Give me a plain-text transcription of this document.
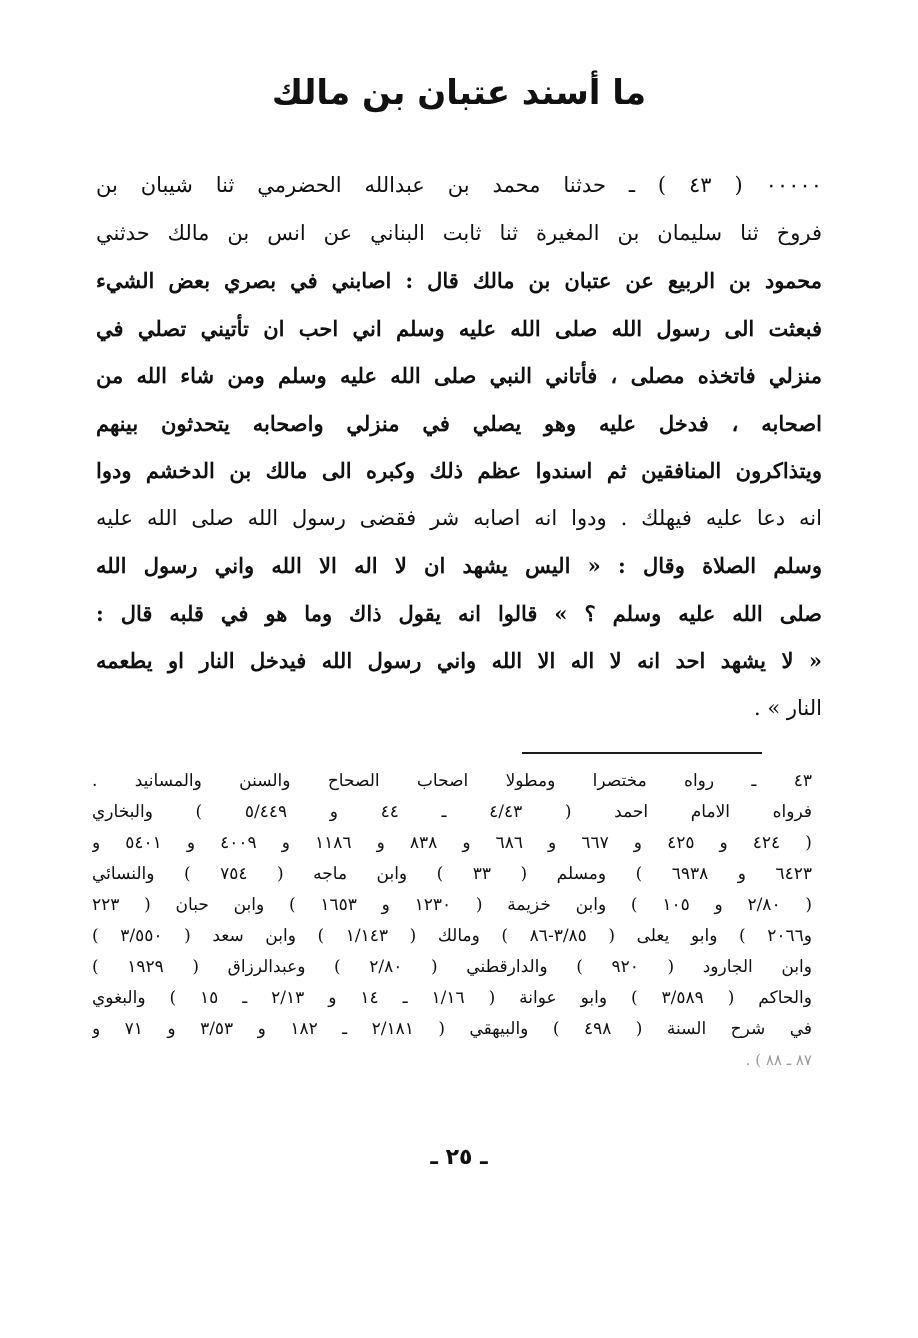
ما أسند عتبان بن مالك
٠٠٠٠٠ ( ٤٣ ) ـ حدثنا محمد بن عبدالله الحضرمي ثنا شيبان بن
فروخ ثنا سليمان بن المغيرة ثنا ثابت البناني عن انس بن مالك حدثني
محمود بن الربيع عن عتبان بن مالك قال : اصابني في بصري بعض الشيء
فبعثت الى رسول الله صلى الله عليه وسلم اني احب ان تأتيني تصلي في
منزلي فاتخذه مصلى ، فأتاني النبي صلى الله عليه وسلم ومن شاء الله من
اصحابه ، فدخل عليه وهو يصلي في منزلي واصحابه يتحدثون بينهم
ويتذاكرون المنافقين ثم اسندوا عظم ذلك وكبره الى مالك بن الدخشم ودوا
انه دعا عليه فيهلك . ودوا انه اصابه شر فقضى رسول الله صلى الله عليه
وسلم الصلاة وقال : « اليس يشهد ان لا اله الا الله واني رسول الله
صلى الله عليه وسلم ؟ » قالوا انه يقول ذاك وما هو في قلبه قال :
« لا يشهد احد انه لا اله الا الله واني رسول الله فيدخل النار او يطعمه
النار » .
٤٣ ـ رواه مختصرا ومطولا اصحاب الصحاح والسنن والمسانيد .
فرواه الامام احمد ( ٤/٤٣ ـ ٤٤ و ٥/٤٤٩ ) والبخاري
( ٤٢٤ و ٤٢٥ و ٦٦٧ و ٦٨٦ و ٨٣٨ و ١١٨٦ و ٤٠٠٩ و ٥٤٠١ و
٦٤٢٣ و ٦٩٣٨ ) ومسلم ( ٣٣ ) وابن ماجه ( ٧٥٤ ) والنسائي
( ٢/٨٠ و ١٠٥ ) وابن خزيمة ( ١٢٣٠ و ١٦٥٣ ) وابن حبان ( ٢٢٣
و٢٠٦٦ ) وابو يعلى ( ٣/٨٥-٨٦ ) ومالك ( ١/١٤٣ ) وابن سعد ( ٣/٥٥٠ )
وابن الجارود ( ٩٢٠ ) والدارقطني ( ٢/٨٠ ) وعبدالرزاق ( ١٩٢٩ )
والحاكم ( ٣/٥٨٩ ) وابو عوانة ( ١/١٦ ـ ١٤ و ٢/١٣ ـ ١٥ ) والبغوي
في شرح السنة ( ٤٩٨ ) والبيهقي ( ٢/١٨١ ـ ١٨٢ و ٣/٥٣ و ٧١ و
٨٧ ـ ٨٨ ) .
ـ ٢٥ ـ
